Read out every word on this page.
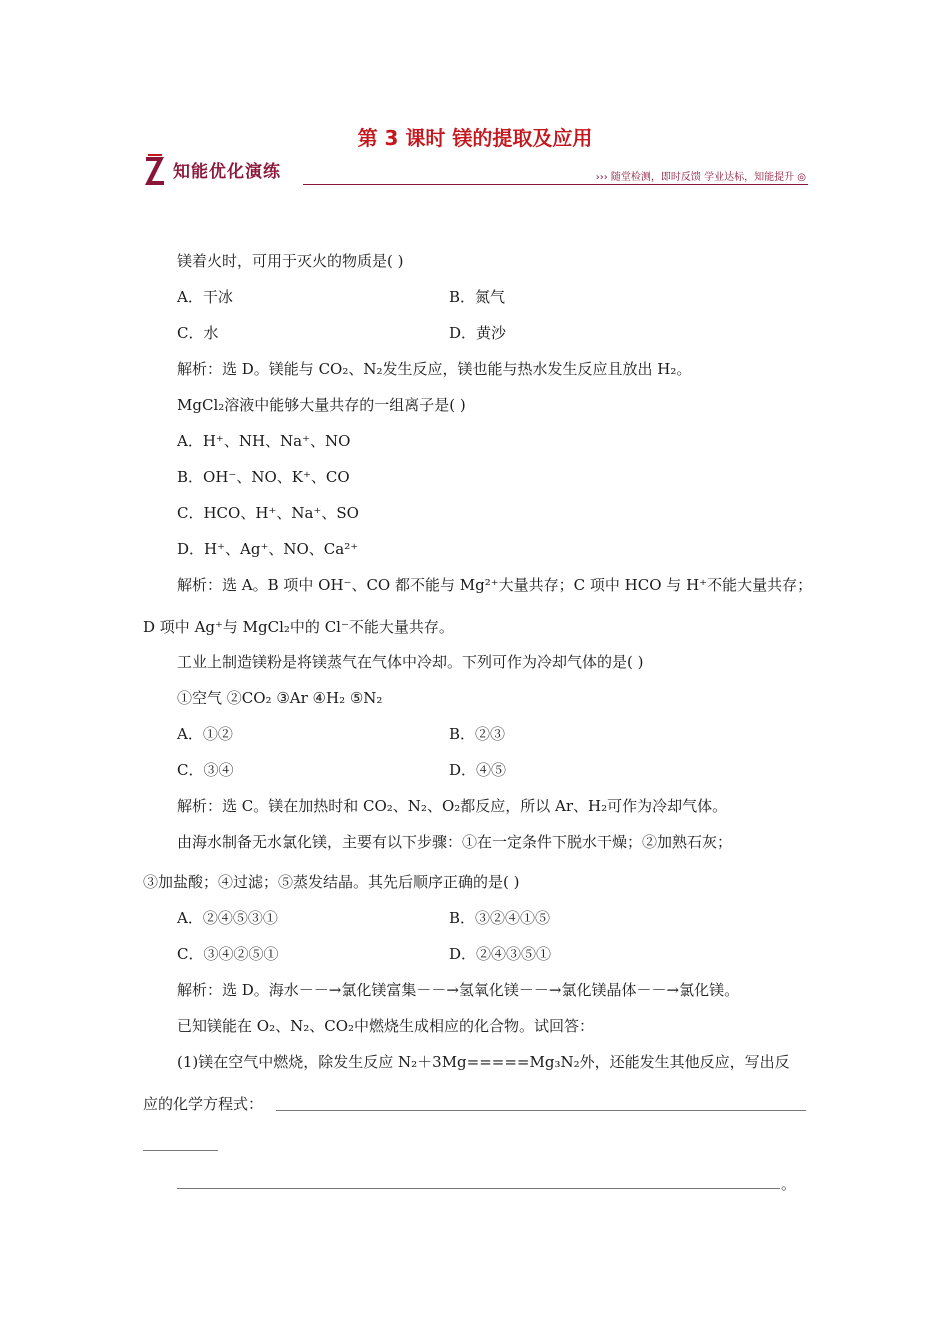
第 3 课时 镁的提取及应用
知能优化演练	››› 随堂检测，即时反馈 学业达标，知能提升 ◎
镁着火时，可用于灭火的物质是( )
A．干冰	B．氮气
C．水	D．黄沙
解析：选 D。镁能与 CO₂、N₂发生反应，镁也能与热水发生反应且放出 H₂。
MgCl₂溶液中能够大量共存的一组离子是( )
A．H⁺、NH、Na⁺、NO
B．OH⁻、NO、K⁺、CO
C．HCO、H⁺、Na⁺、SO
D．H⁺、Ag⁺、NO、Ca²⁺
解析：选 A。B 项中 OH⁻、CO 都不能与 Mg²⁺大量共存；C 项中 HCO 与 H⁺不能大量共存；
D 项中 Ag⁺与 MgCl₂中的 Cl⁻不能大量共存。
工业上制造镁粉是将镁蒸气在气体中冷却。下列可作为冷却气体的是( )
①空气 ②CO₂ ③Ar ④H₂ ⑤N₂
A．①②	B．②③
C．③④	D．④⑤
解析：选 C。镁在加热时和 CO₂、N₂、O₂都反应，所以 Ar、H₂可作为冷却气体。
由海水制备无水氯化镁，主要有以下步骤：①在一定条件下脱水干燥；②加熟石灰；
③加盐酸；④过滤；⑤蒸发结晶。其先后顺序正确的是( )
A．②④⑤③①	B．③②④①⑤
C．③④②⑤①	D．②④③⑤①
解析：选 D。海水－－→氯化镁富集－－→氢氧化镁－－→氯化镁晶体－－→氯化镁。
已知镁能在 O₂、N₂、CO₂中燃烧生成相应的化合物。试回答：
(1)镁在空气中燃烧，除发生反应 N₂＋3Mg=====Mg₃N₂外，还能发生其他反应，写出反
应的化学方程式：
。
